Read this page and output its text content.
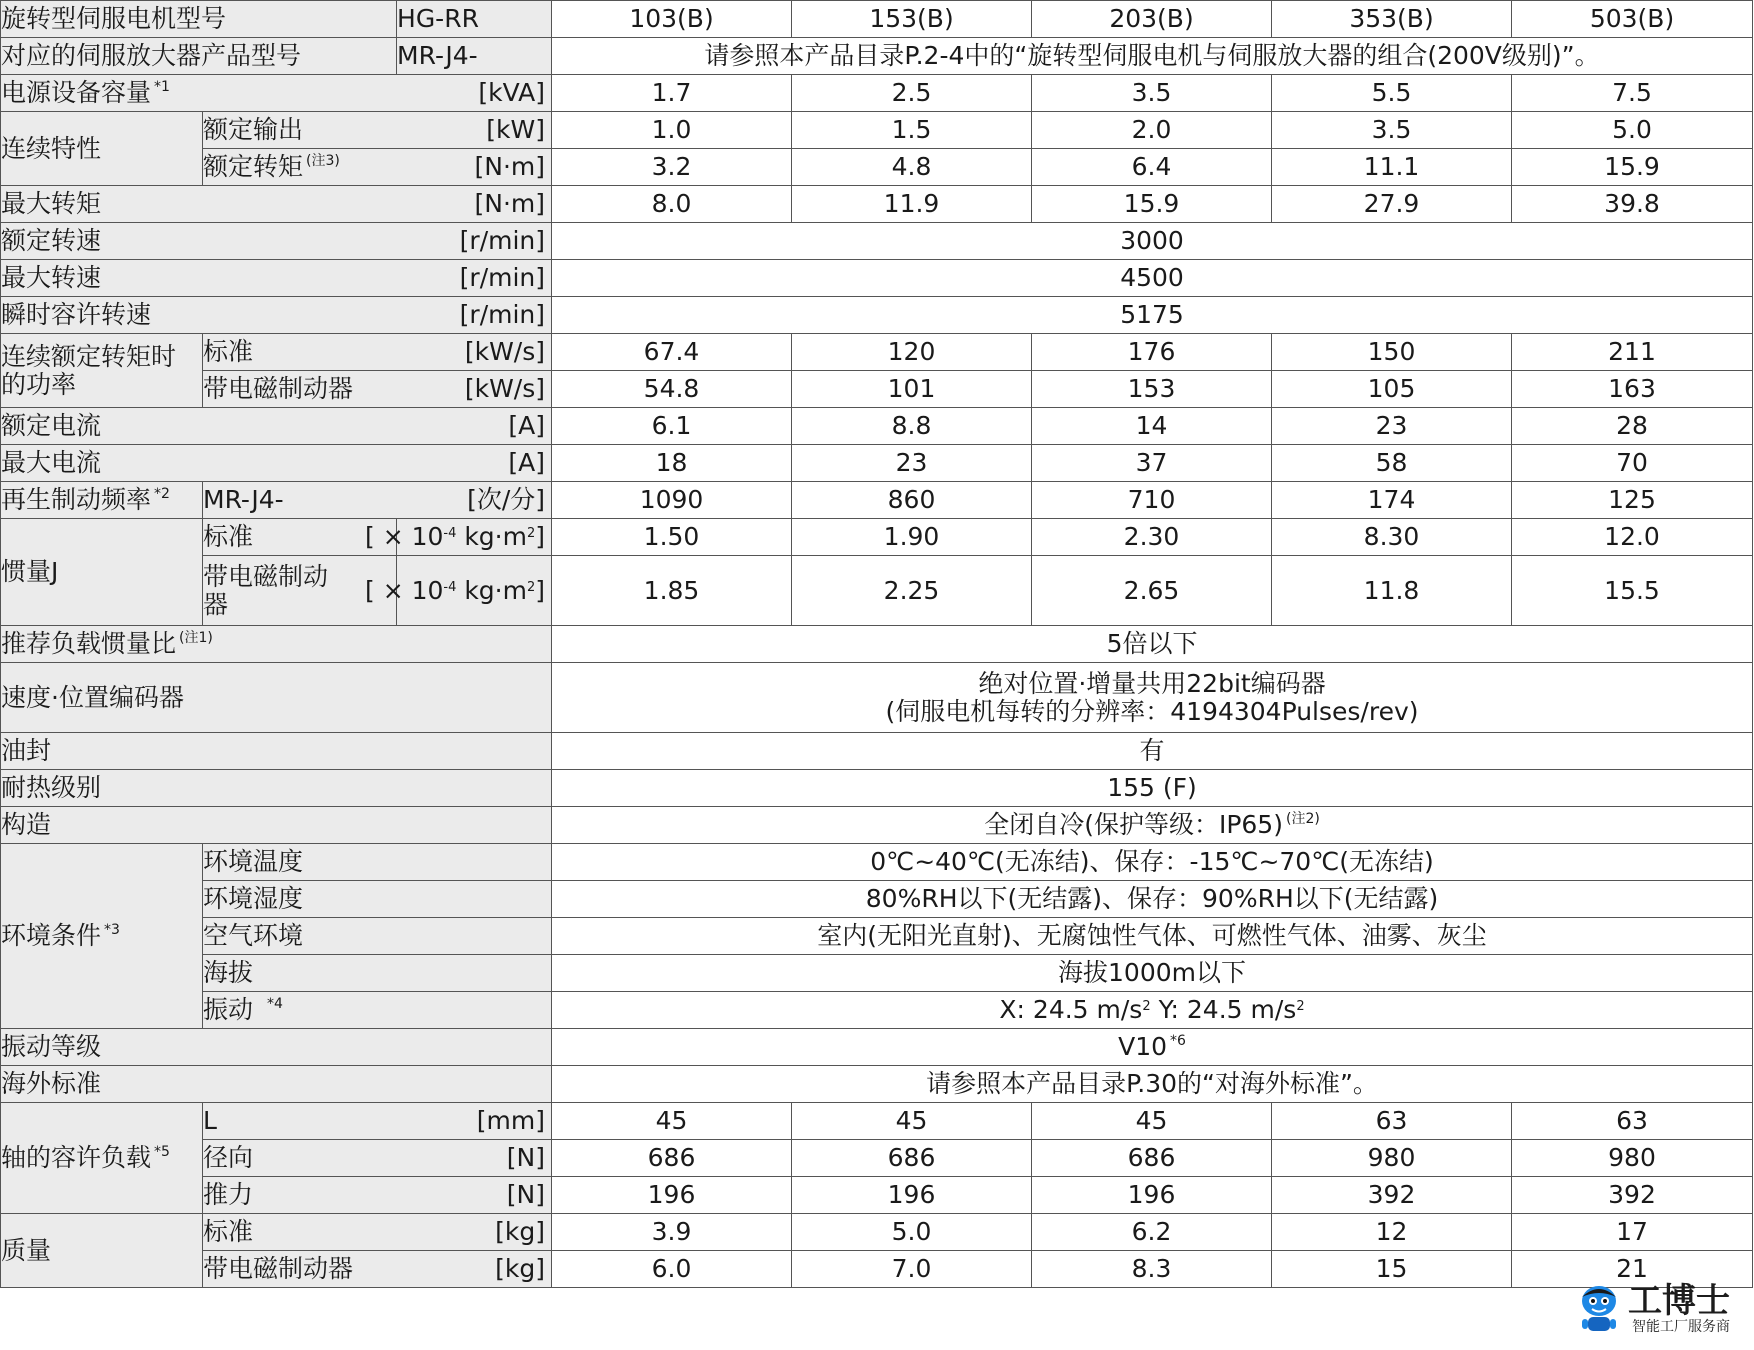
旋转型伺服电机型号		HG-RR	103(B)	153(B)	203(B)	353(B)	503(B)
对应的伺服放大器产品型号		MR-J4-	请参照本产品目录P.2-4中的“旋转型伺服电机与伺服放大器的组合(200V级别)”。				

电源设备容量 $^{*1}$ [kVA]			1.7	2.5	3.5	5.5	7.5
连续特性	额定输出 [kW]		1.0	1.5	2.0	3.5	5.0

	额定转矩 $^{(注3)}$ [N·m]		3.2	4.8	6.4	11.1	15.9

最大转矩 [N·m]			8.0	11.9	15.9	27.9	39.8

额定转速 [r/min]			3000				

最大转速 [r/min]			4500				

瞬时容许转速 [r/min]			5175				

连续额定转矩时
的功率	标准 [kW/s]		67.4	120	176	150	211

	带电磁制动器 [kW/s]		54.8	101	153	105	163

额定电流 [A]			6.1	8.8	14	23	28

最大电流 [A]			18	23	37	58	70
再生制动频率 $^{*2}$	MR-J4- [次/分]		1090	860	710	174	125
惯量J	标准	[ × $10^{-4}$ $kg\cdot m^2$]	1.50	1.90	2.30	8.30	12.0

	带电磁制动
器	[ × $10^{-4}$ $kg\cdot m^2$]	1.85	2.25	2.65	11.8	15.5
推荐负载惯量比 $^{(注1)}$			5倍以下				
速度·位置编码器			绝对位置·增量共用22bit编码器
(伺服电机每转的分辨率：4194304Pulses/rev)				

油封			有				
耐热级别			155 (F)				
构造			全闭自冷(保护等级：IP65) $^{(注2)}$
环境条件 $^{*3}$	环境温度		0℃~40℃(无冻结)、保存：-15℃~70℃(无冻结)				
	环境湿度		80%RH以下(无结露)、保存：90%RH以下(无结露)				
	空气环境		室内(无阳光直射)、无腐蚀性气体、可燃性气体、油雾、灰尘				
	海拔		海拔1000m以下				
	振动 $^{*4}$		X: 24.5 $m/s^2$ Y: 24.5 $m/s^2$
振动等级			V10 $^{*6}$
海外标准			请参照本产品目录P.30的“对海外标准”。				
轴的容许负载 $^{*5}$	L [mm]		45	45	45	63	63

	径向 [N]		686	686	686	980	980

	推力 [N]		196	196	196	392	392
质量	标准 [kg]		3.9	5.0	6.2	12	17

	带电磁制动器 [kg]		6.0	7.0	8.3	15	21
工博士
智能工厂服务商
